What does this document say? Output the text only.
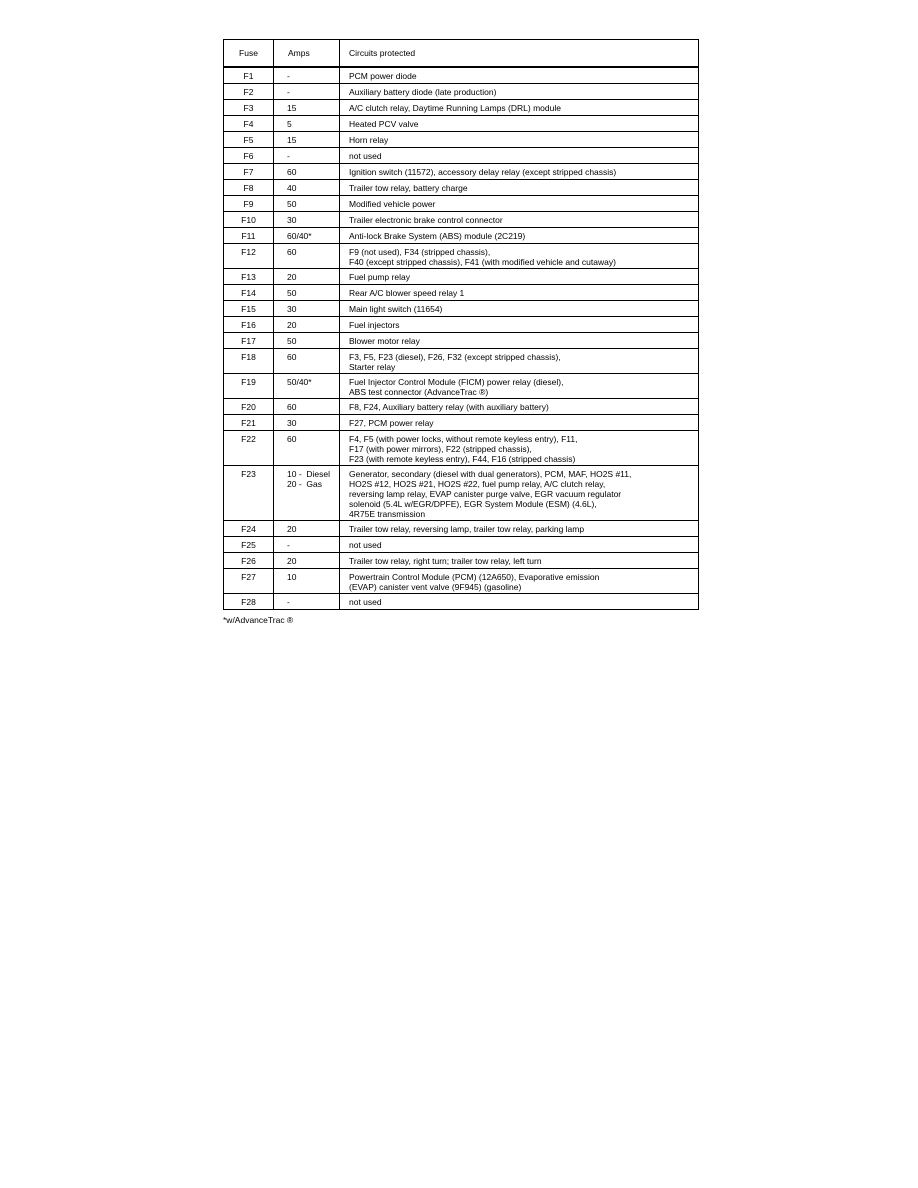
Fuse	Amps	Circuits protected
F1	-	PCM power diode
F2	-	Auxiliary battery diode (late production)
F3	15	A/C clutch relay, Daytime Running Lamps (DRL) module
F4	5	Heated PCV valve
F5	15	Horn relay
F6	-	not used
F7	60	Ignition switch (11572), accessory delay relay (except stripped chassis)
F8	40	Trailer tow relay, battery charge
F9	50	Modified vehicle power
F10	30	Trailer electronic brake control connector
F11	60/40*	Anti-lock Brake System (ABS) module (2C219)
F12	60	F9 (not used), F34 (stripped chassis),
F40 (except stripped chassis), F41 (with modified vehicle and cutaway)
F13	20	Fuel pump relay
F14	50	Rear A/C blower speed relay 1
F15	30	Main light switch (11654)
F16	20	Fuel injectors
F17	50	Blower motor relay
F18	60	F3, F5, F23 (diesel), F26, F32 (except stripped chassis),
Starter relay
F19	50/40*	Fuel Injector Control Module (FICM) power relay (diesel),
ABS test connector (AdvanceTrac ®)
F20	60	F8, F24, Auxiliary battery relay (with auxiliary battery)
F21	30	F27, PCM power relay
F22	60	F4, F5 (with power locks, without remote keyless entry), F11,
F17 (with power mirrors), F22 (stripped chassis),
F23 (with remote keyless entry), F44, F16 (stripped chassis)
F23	10 -  Diesel
20 -  Gas	Generator, secondary (diesel with dual generators), PCM, MAF, HO2S #11,
HO2S #12, HO2S #21, HO2S #22, fuel pump relay, A/C clutch relay,
reversing lamp relay, EVAP canister purge valve, EGR vacuum regulator
solenoid (5.4L w/EGR/DPFE), EGR System Module (ESM) (4.6L),
4R75E transmission
F24	20	Trailer tow relay, reversing lamp, trailer tow relay, parking lamp
F25	-	not used
F26	20	Trailer tow relay, right turn; trailer tow relay, left turn
F27	10	Powertrain Control Module (PCM) (12A650), Evaporative emission
(EVAP) canister vent valve (9F945) (gasoline)
F28	-	not used
*w/AdvanceTrac ®
